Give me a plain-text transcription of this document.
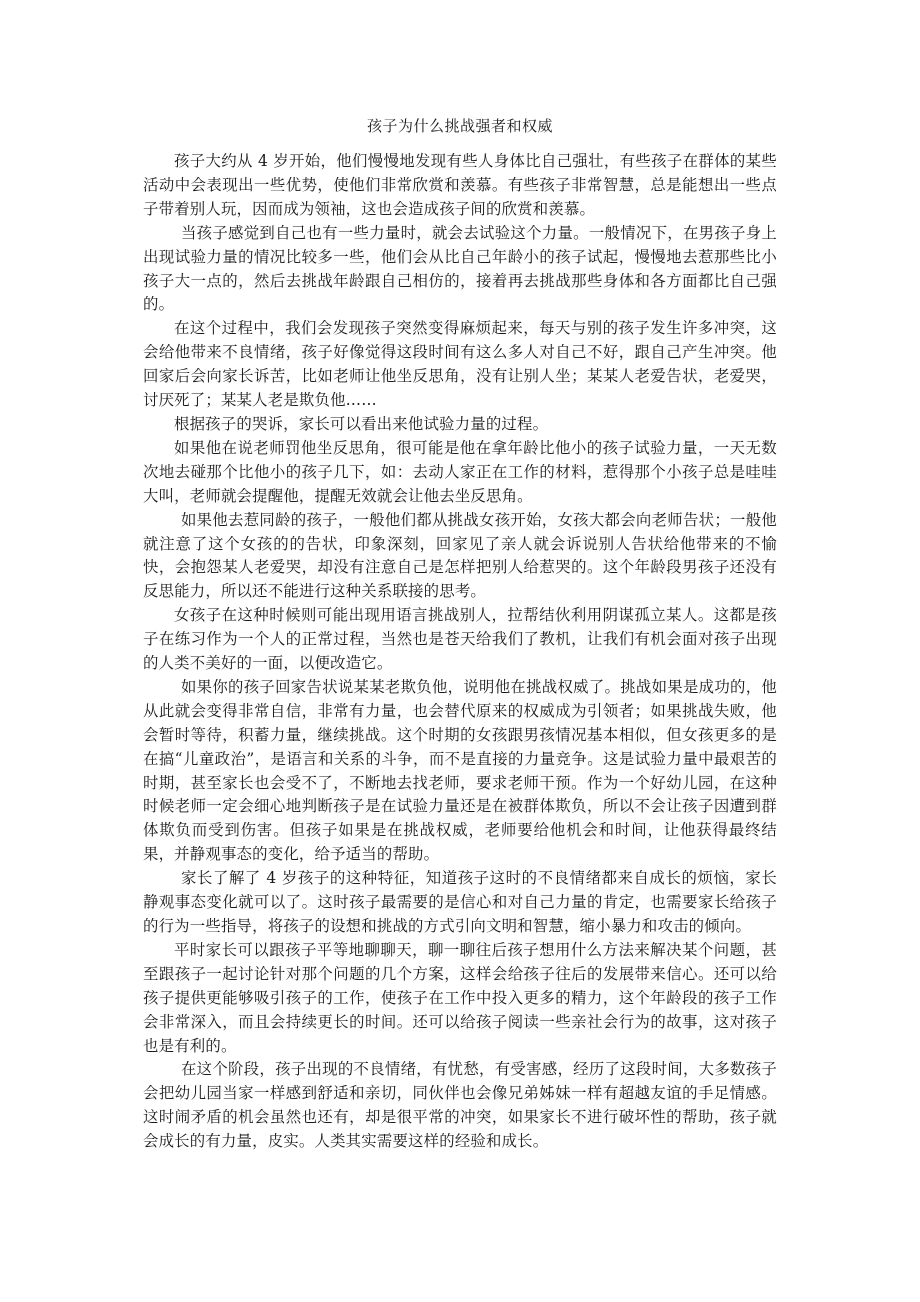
孩子为什么挑战强者和权威

孩子大约从 4 岁开始，他们慢慢地发现有些人身体比自己强壮，有些孩子在群体的某些活动中会表现出一些优势，使他们非常欣赏和羡慕。有些孩子非常智慧，总是能想出一些点子带着别人玩，因而成为领袖，这也会造成孩子间的欣赏和羡慕。

当孩子感觉到自己也有一些力量时，就会去试验这个力量。一般情况下，在男孩子身上出现试验力量的情况比较多一些，他们会从比自己年龄小的孩子试起，慢慢地去惹那些比小孩子大一点的，然后去挑战年龄跟自己相仿的，接着再去挑战那些身体和各方面都比自己强的。

在这个过程中，我们会发现孩子突然变得麻烦起来，每天与别的孩子发生许多冲突，这会给他带来不良情绪，孩子好像觉得这段时间有这么多人对自己不好，跟自己产生冲突。他回家后会向家长诉苦，比如老师让他坐反思角，没有让别人坐；某某人老爱告状，老爱哭，讨厌死了；某某人老是欺负他……

根据孩子的哭诉，家长可以看出来他试验力量的过程。

如果他在说老师罚他坐反思角，很可能是他在拿年龄比他小的孩子试验力量，一天无数次地去碰那个比他小的孩子几下，如：去动人家正在工作的材料，惹得那个小孩子总是哇哇大叫，老师就会提醒他，提醒无效就会让他去坐反思角。

如果他去惹同龄的孩子，一般他们都从挑战女孩开始，女孩大都会向老师告状；一般他就注意了这个女孩的的告状，印象深刻，回家见了亲人就会诉说别人告状给他带来的不愉快，会抱怨某人老爱哭，却没有注意自己是怎样把别人给惹哭的。这个年龄段男孩子还没有反思能力，所以还不能进行这种关系联接的思考。

女孩子在这种时候则可能出现用语言挑战别人，拉帮结伙利用阴谋孤立某人。这都是孩子在练习作为一个人的正常过程，当然也是苍天给我们了教机，让我们有机会面对孩子出现的人类不美好的一面，以便改造它。

如果你的孩子回家告状说某某老欺负他，说明他在挑战权威了。挑战如果是成功的，他从此就会变得非常自信，非常有力量，也会替代原来的权威成为引领者；如果挑战失败，他会暂时等待，积蓄力量，继续挑战。这个时期的女孩跟男孩情况基本相似，但女孩更多的是在搞“儿童政治”，是语言和关系的斗争，而不是直接的力量竞争。这是试验力量中最艰苦的时期，甚至家长也会受不了，不断地去找老师，要求老师干预。作为一个好幼儿园，在这种时候老师一定会细心地判断孩子是在试验力量还是在被群体欺负，所以不会让孩子因遭到群体欺负而受到伤害。但孩子如果是在挑战权威，老师要给他机会和时间，让他获得最终结果，并静观事态的变化，给予适当的帮助。

家长了解了 4 岁孩子的这种特征，知道孩子这时的不良情绪都来自成长的烦恼，家长静观事态变化就可以了。这时孩子最需要的是信心和对自己力量的肯定，也需要家长给孩子的行为一些指导，将孩子的设想和挑战的方式引向文明和智慧，缩小暴力和攻击的倾向。

平时家长可以跟孩子平等地聊聊天，聊一聊往后孩子想用什么方法来解决某个问题，甚至跟孩子一起讨论针对那个问题的几个方案，这样会给孩子往后的发展带来信心。还可以给孩子提供更能够吸引孩子的工作，使孩子在工作中投入更多的精力，这个年龄段的孩子工作会非常深入，而且会持续更长的时间。还可以给孩子阅读一些亲社会行为的故事，这对孩子也是有利的。

在这个阶段，孩子出现的不良情绪，有忧愁，有受害感，经历了这段时间，大多数孩子会把幼儿园当家一样感到舒适和亲切，同伙伴也会像兄弟姊妹一样有超越友谊的手足情感。这时闹矛盾的机会虽然也还有，却是很平常的冲突，如果家长不进行破坏性的帮助，孩子就会成长的有力量，皮实。人类其实需要这样的经验和成长。
